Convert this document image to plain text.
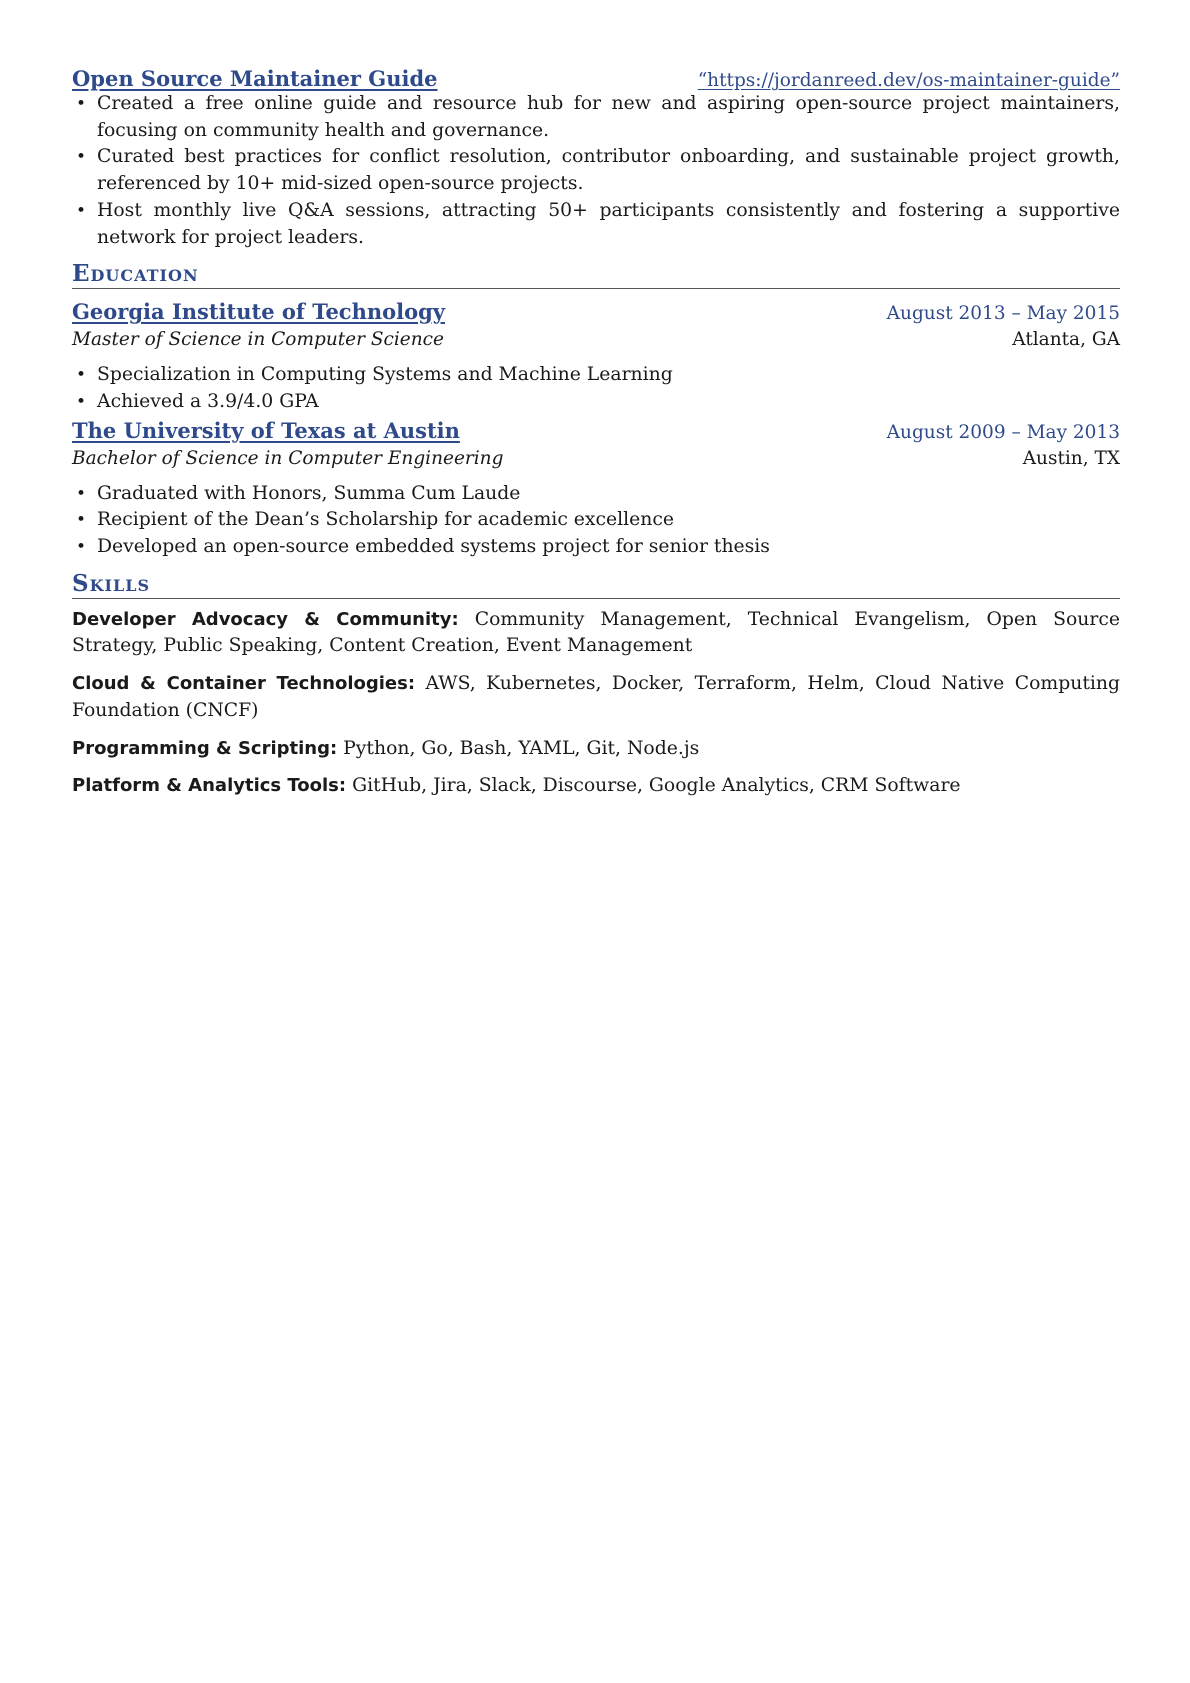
Open Source Maintainer Guide	“https://jordanreed.dev/os-maintainer-guide”
• Created a free online guide and resource hub for new and aspiring open-source project maintainers, focusing on community health and governance.
• Curated best practices for conflict resolution, contributor onboarding, and sustainable project growth, referenced by 10+ mid-sized open-source projects.
• Host monthly live Q&A sessions, attracting 50+ participants consistently and fostering a supportive network for project leaders.
Education
Georgia Institute of Technology	August 2013 – May 2015
Master of Science in Computer Science	Atlanta, GA
• Specialization in Computing Systems and Machine Learning
• Achieved a 3.9/4.0 GPA
The University of Texas at Austin	August 2009 – May 2013
Bachelor of Science in Computer Engineering	Austin, TX
• Graduated with Honors, Summa Cum Laude
• Recipient of the Dean’s Scholarship for academic excellence
• Developed an open-source embedded systems project for senior thesis
Skills
Developer Advocacy & Community: Community Management, Technical Evangelism, Open Source Strategy, Public Speaking, Content Creation, Event Management
Cloud & Container Technologies: AWS, Kubernetes, Docker, Terraform, Helm, Cloud Native Computing Foundation (CNCF)
Programming & Scripting: Python, Go, Bash, YAML, Git, Node.js
Platform & Analytics Tools: GitHub, Jira, Slack, Discourse, Google Analytics, CRM Software
